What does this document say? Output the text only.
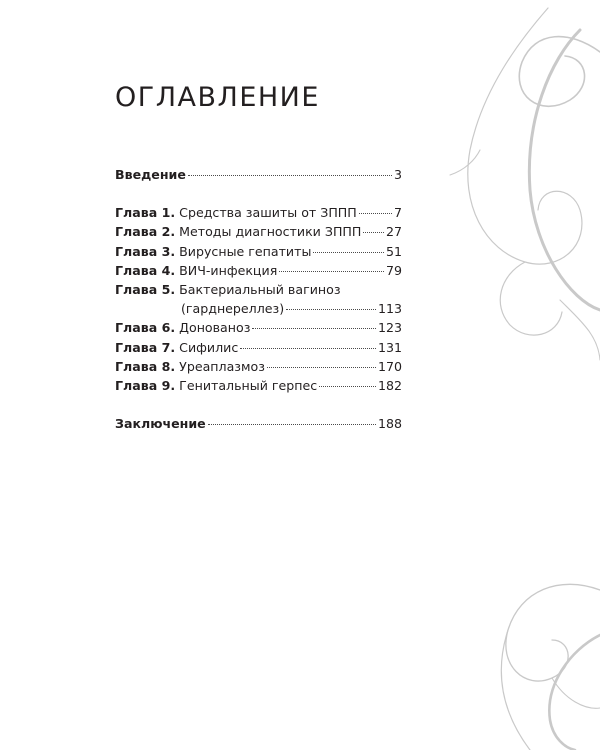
ОГЛАВЛЕНИЕ
Введение	3
Глава 1. Средства зашиты от ЗППП	7
Глава 2. Методы диагностики ЗППП 27
Глава 3. Вирусные гепатиты	51
Глава 4. ВИЧ-инфекция	79
Глава 5. Бактериальный вагиноз
(гарднереллез)	113
Глава 6. Донованоз	123
Глава 7. Сифилис	131
Глава 8. Уреаплазмоз	170
Глава 9. Генитальный герпес	182
Заключение	188
